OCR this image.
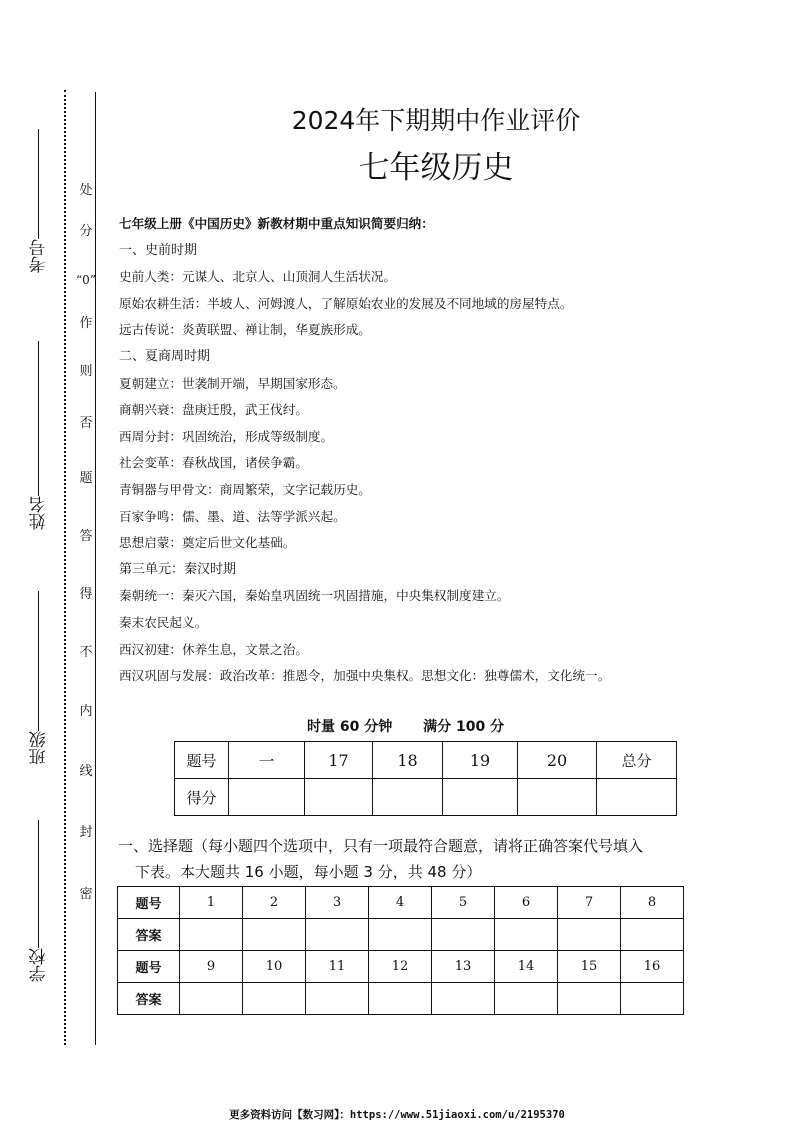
考号
姓名
班级
学校
处
分
“0”
作
则
否
题
答
得
不
内
线
封
密
2024年下期期中作业评价
七年级历史
七年级上册《中国历史》新教材期中重点知识简要归纳：
一、史前时期
史前人类：元谋人、北京人、山顶洞人生活状况。
原始农耕生活：半坡人、河姆渡人，了解原始农业的发展及不同地域的房屋特点。
远古传说：炎黄联盟、禅让制，华夏族形成。
二、夏商周时期
夏朝建立：世袭制开端，早期国家形态。
商朝兴衰：盘庚迁殷，武王伐纣。
西周分封：巩固统治，形成等级制度。
社会变革：春秋战国，诸侯争霸。
青铜器与甲骨文：商周繁荣，文字记载历史。
百家争鸣：儒、墨、道、法等学派兴起。
思想启蒙：奠定后世文化基础。
第三单元：秦汉时期
秦朝统一：秦灭六国，秦始皇巩固统一巩固措施，中央集权制度建立。
秦末农民起义。
西汉初建：休养生息，文景之治。
西汉巩固与发展：政治改革：推恩令，加强中央集权。思想文化：独尊儒术，文化统一。
时量 60 分钟 满分 100 分
题号	一	17	18	19	20	总分
得分						
一、选择题（每小题四个选项中，只有一项最符合题意，请将正确答案代号填入
下表。本大题共 16 小题，每小题 3 分，共 48 分）
题号	1	2	3	4	5	6	7	8
答案								
题号	9	10	11	12	13	14	15	16
答案								
更多资料访问【数习网】：https://www.51jiaoxi.com/u/2195370
